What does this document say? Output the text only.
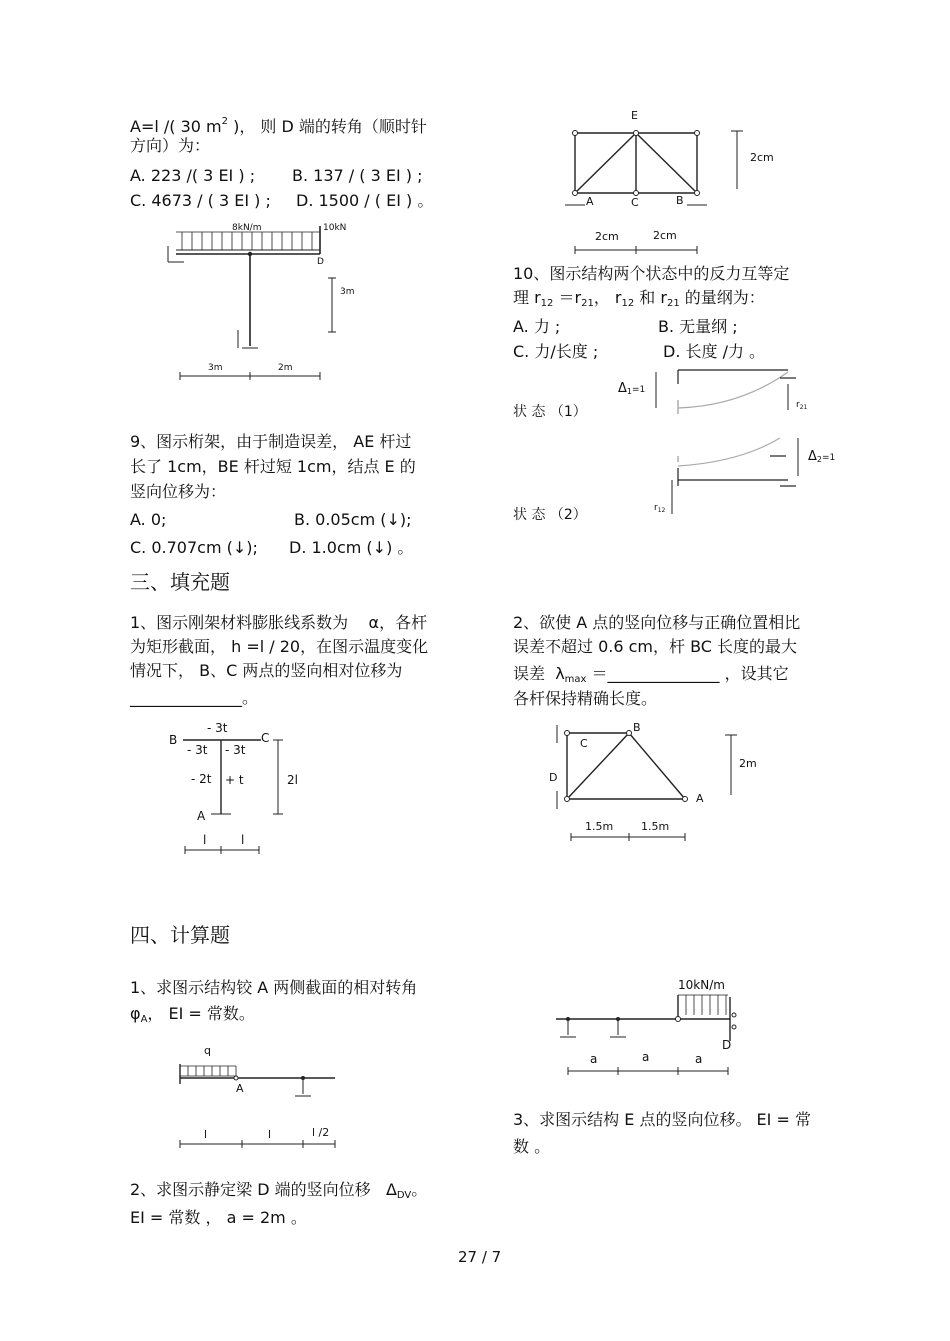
A=l /( 30 $m^2$ )， 则 D 端的转角（顺时针
方向）为：
A. 223 /( 3 EI ) ; B. 137 / ( 3 EI ) ;
C. 4673 / ( 3 EI ) ; D. 1500 / ( EI ) 。
8kN/m	10kN
D
3m
3m	2m
9、图示桁架，由于制造误差， AE 杆过
长了 1cm，BE 杆过短 1cm，结点 E 的
竖向位移为：
A. 0;	B. 0.05cm (↓);
C. 0.707cm (↓); D. 1.0cm (↓) 。
三、填充题
1、图示刚架材料膨胀线系数为 α，各杆
为矩形截面， h =l / 20，在图示温度变化
情况下， B、C 两点的竖向相对位移为
______________。
- 3t
B	C
- 3t - 3t
- 2t + t	2l
A
l	l
四、计算题
1、求图示结构铰 A 两侧截面的相对转角
$\varphi_A$， EI = 常数。
q
A
l	l	l /2
2、求图示静定梁 D 端的竖向位移 $\Delta_{DV}$。
EI = 常数 ， a = 2m 。
E
A	C	B
2cm
2cm	2cm
10、图示结构两个状态中的反力互等定
理 $r_{12} =r_{21}$， $r_{12}$ 和 $r_{21}$ 的量纲为：
A. 力 ;	B. 无量纲 ;
C. 力/长度 ;	D. 长度 /力 。
状 态 （1）
状 态 （2）
Δ1=1
$r_{21}$
Δ2=1
$r_{12}$
2、欲使 A 点的竖向位移与正确位置相比
误差不超过 0.6 cm，杆 BC 长度的最大
误差 $\lambda_{max}$ ＝______________ ，设其它
各杆保持精确长度。
B
C
D
A
2m
1.5m	1.5m
10kN/m
D
a	a	a
3、求图示结构 E 点的竖向位移。 EI = 常
数 。
27 / 7
